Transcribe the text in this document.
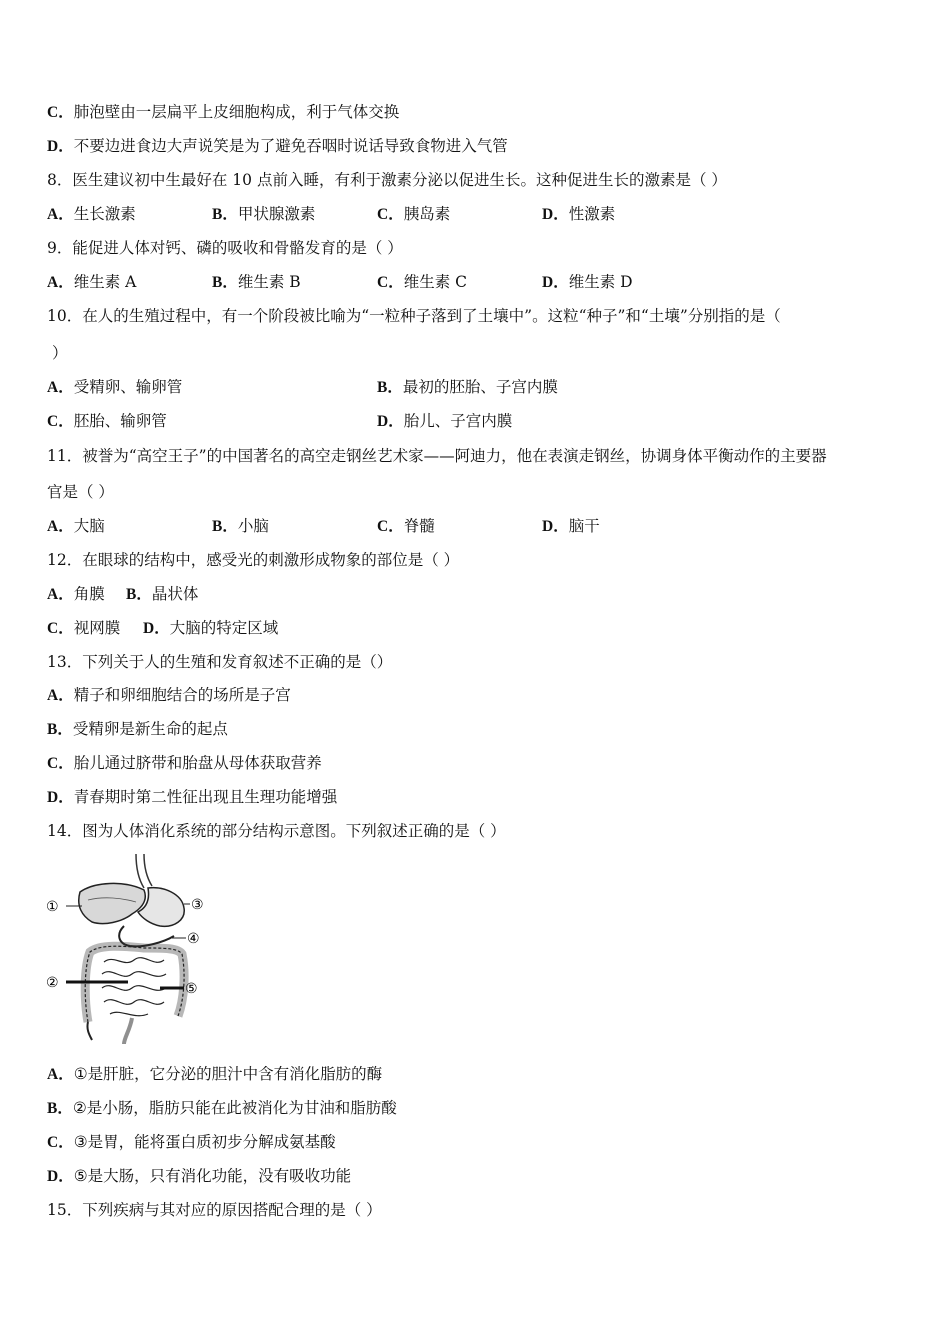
C．肺泡壁由一层扁平上皮细胞构成，利于气体交换
D．不要边进食边大声说笑是为了避免吞咽时说话导致食物进入气管
8．医生建议初中生最好在 10 点前入睡，有利于激素分泌以促进生长。这种促进生长的激素是（ ）
A．生长激素	B．甲状腺激素	C．胰岛素	D．性激素
9．能促进人体对钙、磷的吸收和骨骼发育的是（ ）
A．维生素 A	B．维生素 B	C．维生素 C	D．维生素 D
10．在人的生殖过程中，有一个阶段被比喻为“一粒种子落到了土壤中”。这粒“种子”和“土壤”分别指的是（
）
A．受精卵、输卵管	B．最初的胚胎、子宫内膜
C．胚胎、输卵管	D．胎儿、子宫内膜
11．被誉为“高空王子”的中国著名的高空走钢丝艺术家——阿迪力，他在表演走钢丝，协调身体平衡动作的主要器
官是（ ）
A．大脑	B．小脑	C．脊髓	D．脑干
12．在眼球的结构中，感受光的刺激形成物象的部位是（ ）
A．角膜 B．晶状体
C．视网膜 D．大脑的特定区域
13．下列关于人的生殖和发育叙述不正确的是（）
A．精子和卵细胞结合的场所是子宫
B．受精卵是新生命的起点
C．胎儿通过脐带和胎盘从母体获取营养
D．青春期时第二性征出现且生理功能增强
14．图为人体消化系统的部分结构示意图。下列叙述正确的是（ ）
①
②
③
④
⑤
A．①是肝脏，它分泌的胆汁中含有消化脂肪的酶
B．②是小肠，脂肪只能在此被消化为甘油和脂肪酸
C．③是胃，能将蛋白质初步分解成氨基酸
D．⑤是大肠，只有消化功能，没有吸收功能
15．下列疾病与其对应的原因搭配合理的是（ ）
